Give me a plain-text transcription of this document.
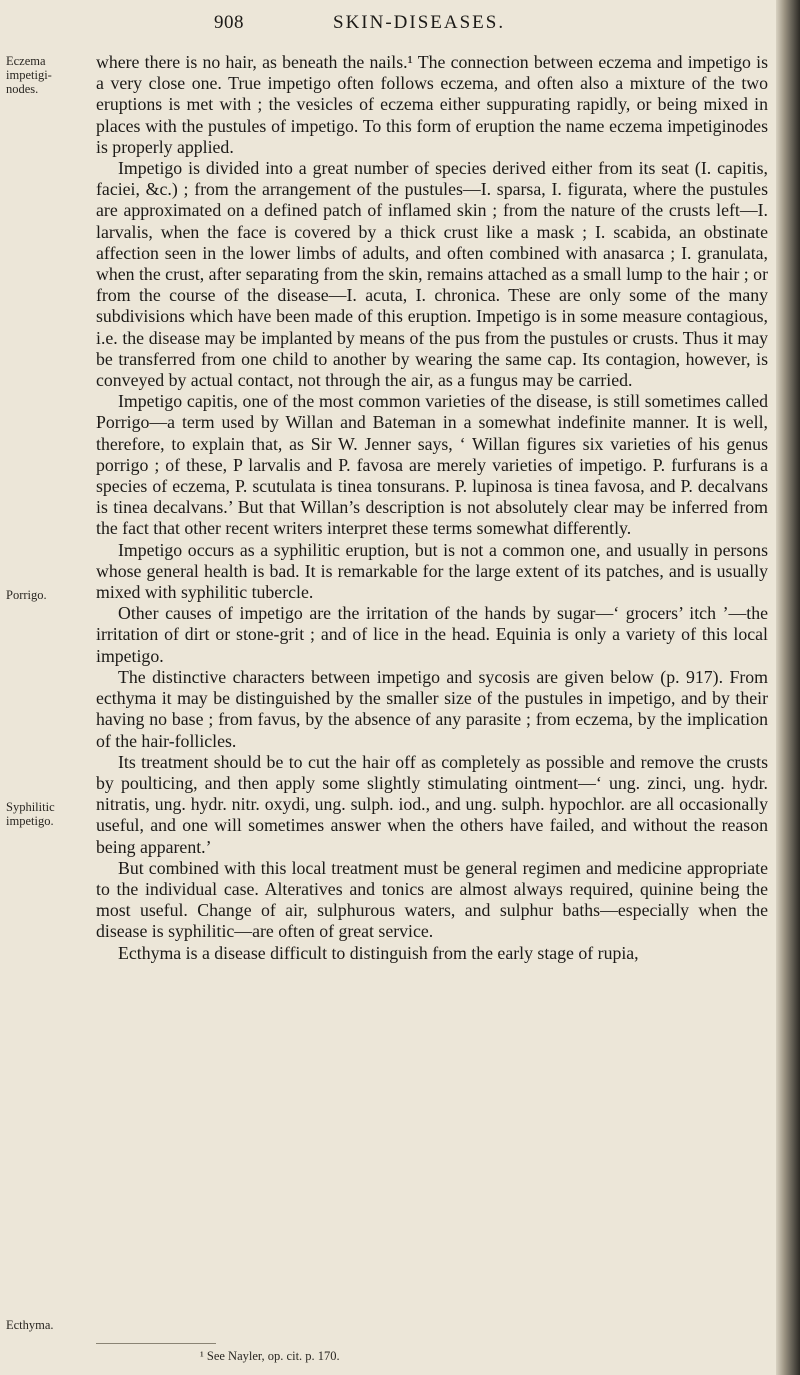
908	SKIN-DISEASES.
Eczema impetigi-nodes.
Porrigo.
Syphilitic impetigo.
Ecthyma.

where there is no hair, as beneath the nails.¹ The connection between eczema and impetigo is a very close one. True impetigo often follows eczema, and often also a mixture of the two eruptions is met with ; the vesicles of eczema either suppurating rapidly, or being mixed in places with the pustules of impetigo. To this form of eruption the name eczema impetiginodes is properly applied.

Impetigo is divided into a great number of species derived either from its seat (I. capitis, faciei, &c.) ; from the arrangement of the pustules—I. sparsa, I. figurata, where the pustules are approximated on a defined patch of inflamed skin ; from the nature of the crusts left—I. larvalis, when the face is covered by a thick crust like a mask ; I. scabida, an obstinate affection seen in the lower limbs of adults, and often combined with anasarca ; I. granulata, when the crust, after separating from the skin, remains attached as a small lump to the hair ; or from the course of the disease—I. acuta, I. chronica. These are only some of the many subdivisions which have been made of this eruption. Impetigo is in some measure contagious, i.e. the disease may be implanted by means of the pus from the pustules or crusts. Thus it may be transferred from one child to another by wearing the same cap. Its contagion, however, is conveyed by actual contact, not through the air, as a fungus may be carried.

Impetigo capitis, one of the most common varieties of the disease, is still sometimes called Porrigo—a term used by Willan and Bateman in a somewhat indefinite manner. It is well, therefore, to explain that, as Sir W. Jenner says, ‘ Willan figures six varieties of his genus porrigo ; of these, P larvalis and P. favosa are merely varieties of impetigo. P. furfurans is a species of eczema, P. scutulata is tinea tonsurans. P. lupinosa is tinea favosa, and P. decalvans is tinea decalvans.’ But that Willan’s description is not absolutely clear may be inferred from the fact that other recent writers interpret these terms somewhat differently.

Impetigo occurs as a syphilitic eruption, but is not a common one, and usually in persons whose general health is bad. It is remarkable for the large extent of its patches, and is usually mixed with syphilitic tubercle.

Other causes of impetigo are the irritation of the hands by sugar—‘ grocers’ itch ’—the irritation of dirt or stone-grit ; and of lice in the head. Equinia is only a variety of this local impetigo.

The distinctive characters between impetigo and sycosis are given below (p. 917). From ecthyma it may be distinguished by the smaller size of the pustules in impetigo, and by their having no base ; from favus, by the absence of any parasite ; from eczema, by the implication of the hair-follicles.

Its treatment should be to cut the hair off as completely as possible and remove the crusts by poulticing, and then apply some slightly stimulating ointment—‘ ung. zinci, ung. hydr. nitratis, ung. hydr. nitr. oxydi, ung. sulph. iod., and ung. sulph. hypochlor. are all occasionally useful, and one will sometimes answer when the others have failed, and without the reason being apparent.’

But combined with this local treatment must be general regimen and medicine appropriate to the individual case. Alteratives and tonics are almost always required, quinine being the most useful. Change of air, sulphurous waters, and sulphur baths—especially when the disease is syphilitic—are often of great service.

Ecthyma is a disease difficult to distinguish from the early stage of rupia,

¹ See Nayler, op. cit. p. 170.
